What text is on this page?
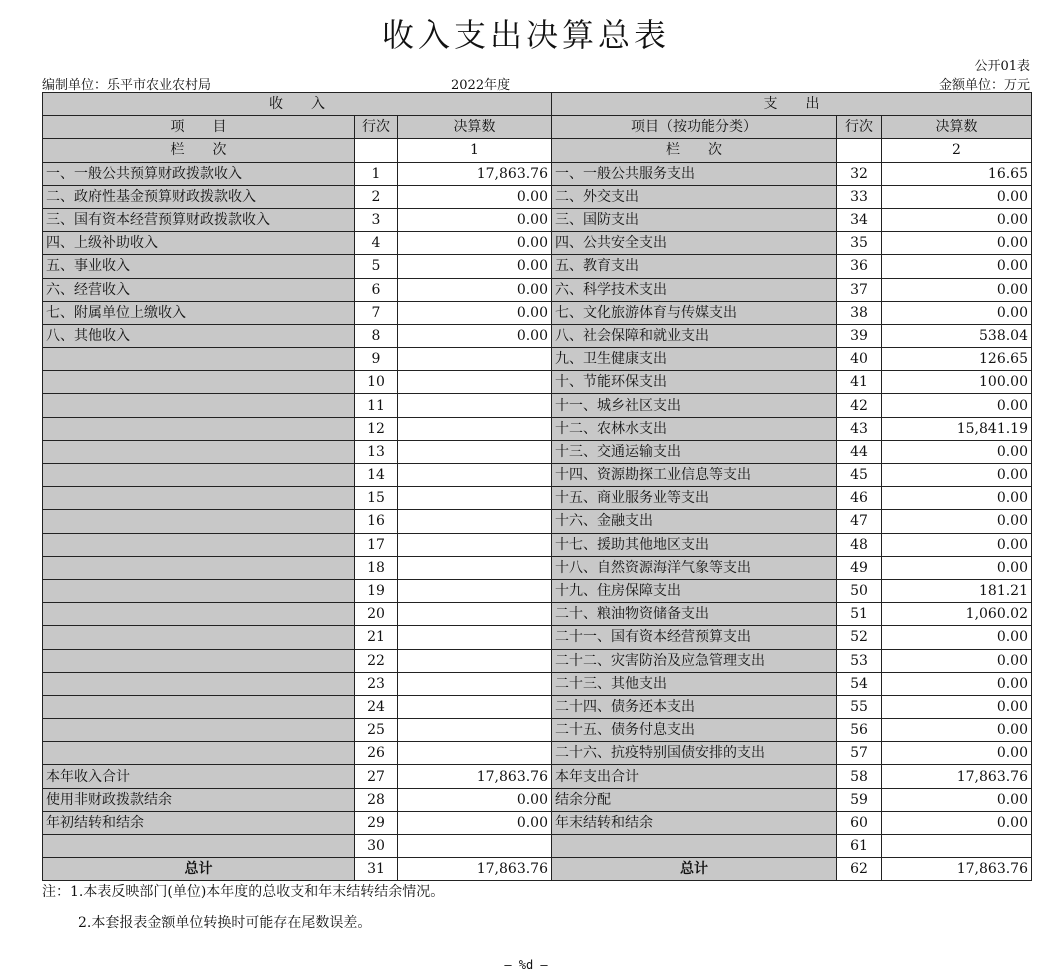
收入支出决算总表
公开01表
编制单位：乐平市农业农村局	2022年度	金额单位：万元
收　　入			支　　出		
项　　目	行次	决算数	项目（按功能分类）	行次	决算数
栏　　次		1	栏　　次		2
一、一般公共预算财政拨款收入	1	17,863.76	一、一般公共服务支出	32	16.65
二、政府性基金预算财政拨款收入	2	0.00	二、外交支出	33	0.00
三、国有资本经营预算财政拨款收入	3	0.00	三、国防支出	34	0.00
四、上级补助收入	4	0.00	四、公共安全支出	35	0.00
五、事业收入	5	0.00	五、教育支出	36	0.00
六、经营收入	6	0.00	六、科学技术支出	37	0.00
七、附属单位上缴收入	7	0.00	七、文化旅游体育与传媒支出	38	0.00
八、其他收入	8	0.00	八、社会保障和就业支出	39	538.04
	9		九、卫生健康支出	40	126.65
	10		十、节能环保支出	41	100.00
	11		十一、城乡社区支出	42	0.00
	12		十二、农林水支出	43	15,841.19
	13		十三、交通运输支出	44	0.00
	14		十四、资源勘探工业信息等支出	45	0.00
	15		十五、商业服务业等支出	46	0.00
	16		十六、金融支出	47	0.00
	17		十七、援助其他地区支出	48	0.00
	18		十八、自然资源海洋气象等支出	49	0.00
	19		十九、住房保障支出	50	181.21
	20		二十、粮油物资储备支出	51	1,060.02
	21		二十一、国有资本经营预算支出	52	0.00
	22		二十二、灾害防治及应急管理支出	53	0.00
	23		二十三、其他支出	54	0.00
	24		二十四、债务还本支出	55	0.00
	25		二十五、债务付息支出	56	0.00
	26		二十六、抗疫特别国债安排的支出	57	0.00
本年收入合计	27	17,863.76	本年支出合计	58	17,863.76
使用非财政拨款结余	28	0.00	结余分配	59	0.00
年初结转和结余	29	0.00	年末结转和结余	60	0.00
	30			61	
总计	31	17,863.76	总计	62	17,863.76
注：1.本表反映部门(单位)本年度的总收支和年末结转结余情况。
2.本套报表金额单位转换时可能存在尾数误差。
— %d —
